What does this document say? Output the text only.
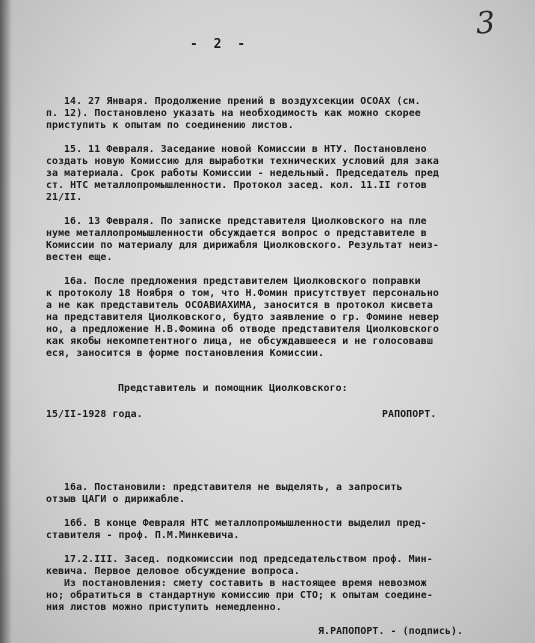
3
- 2 -
14. 27 Января. Продолжение прений в воздухсекции ОСОАХ (см.
п. 12). Постановлено указать на необходимость как можно скорее
приступить к опытам по соединению листов.
15. 11 Февраля. Заседание новой Комиссии в НТУ. Постановлено
создать новую Комиссию для выработки технических условий для зака
за материала. Срок работы Комиссии - недельный. Председатель пред
ст. НТС металлопромышленности. Протокол засед. кол. 11.II готов
21/II.
16. 13 Февраля. По записке представителя Циолковского на пле
нуме металлопромышленности обсуждается вопрос о представителе в
Комиссии по материалу для дирижабля Циолковского. Результат неиз-
вестен еще.
16а. После предложения представителем Циолковского поправки
к протоколу 18 Ноября о том, что Н.Фомин присутствует персонально
а не как представитель ОСОАВИАХИМА, заносится в протокол кисвета
на представителя Циолковского, будто заявление о гр. Фомине невер
но, а предложение Н.В.Фомина об отводе представителя Циолковского
как якобы некомпетентного лица, не обсуждавшееся и не голосовавш
еся, заносится в форме постановления Комиссии.
Представитель и помощник Циолковского:
15/II-1928 года.	РАПОПОРТ.
16а. Постановили: представителя не выделять, а запросить
отзыв ЦАГИ о дирижабле.
16б. В конце Февраля НТС металлопромышленности выделил пред-
ставителя - проф. П.М.Минкевича.
17.2.III. Засед. подкомиссии под председательством проф. Мин-
кевича. Первое деловое обсуждение вопроса.
Из постановления: смету составить в настоящее время невозмож
но; обратиться в стандартную комиссию при СТО; к опытам соедине-
ния листов можно приступить немедленно.
Я.РАПОПОРТ. - (подпись).
